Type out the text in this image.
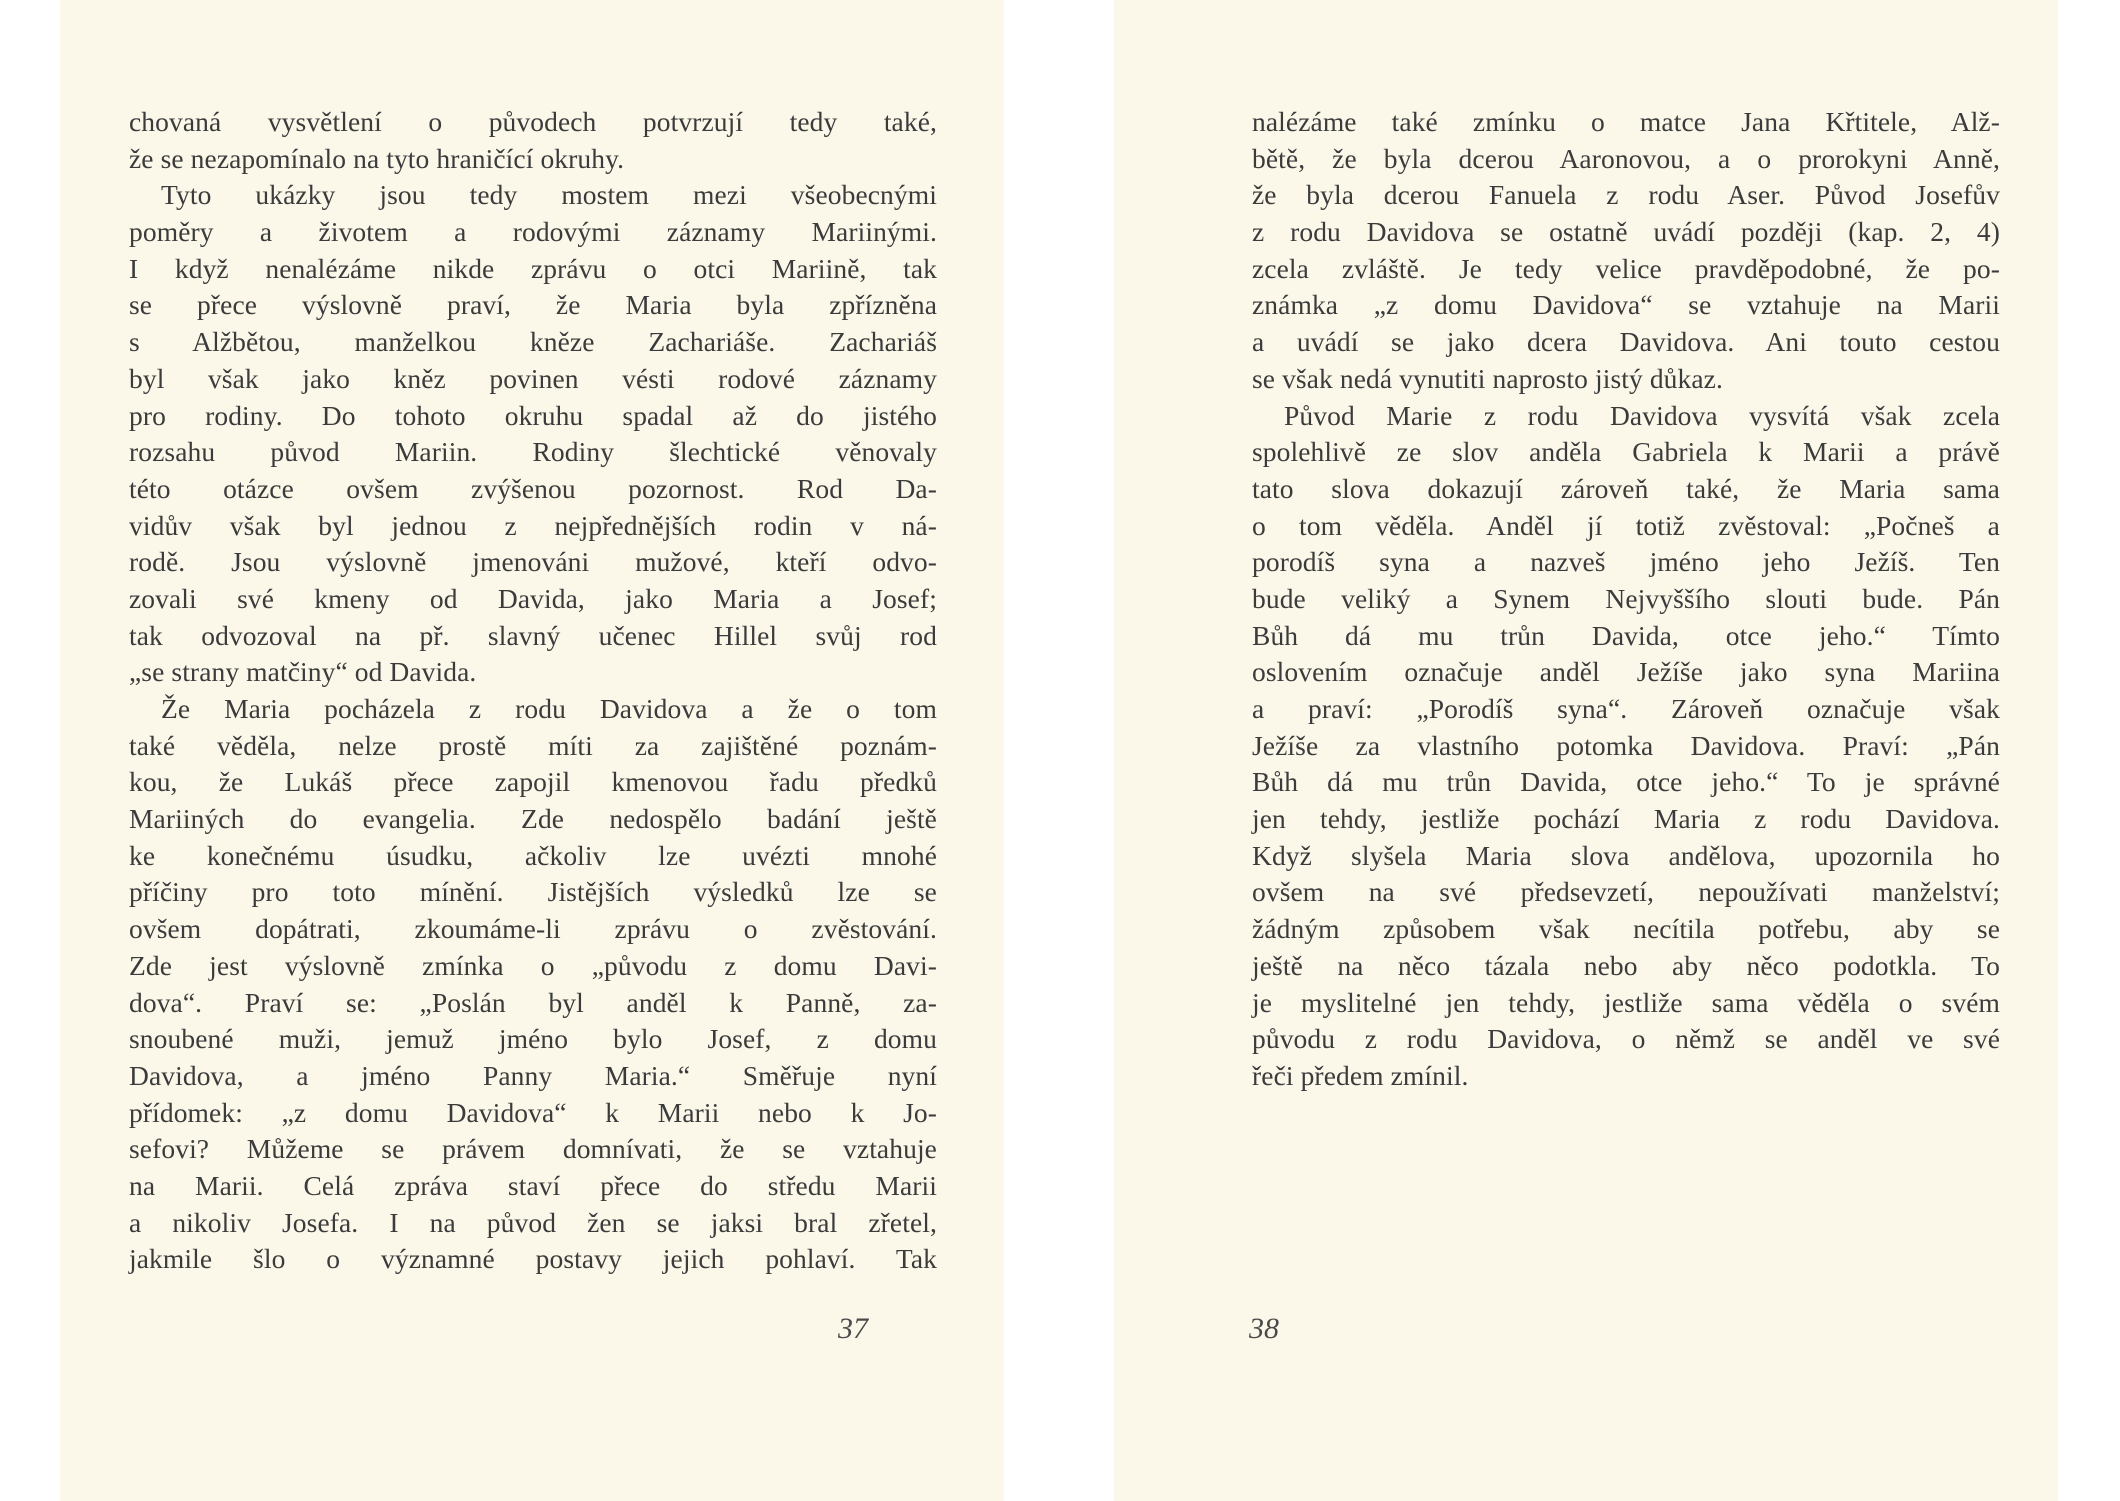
chovaná vysvětlení o původech potvrzují tedy také,
že se nezapomínalo na tyto hraničící okruhy.
Tyto ukázky jsou tedy mostem mezi všeobecnými
poměry a životem a rodovými záznamy Mariinými.
I když nenalézáme nikde zprávu o otci Mariině, tak
se přece výslovně praví, že Maria byla zpřízněna
s Alžbětou, manželkou kněze Zachariáše. Zachariáš
byl však jako kněz povinen vésti rodové záznamy
pro rodiny. Do tohoto okruhu spadal až do jistého
rozsahu původ Mariin. Rodiny šlechtické věnovaly
této otázce ovšem zvýšenou pozornost. Rod Da-
vidův však byl jednou z nejpřednějších rodin v ná-
rodě. Jsou výslovně jmenováni mužové, kteří odvo-
zovali své kmeny od Davida, jako Maria a Josef;
tak odvozoval na př. slavný učenec Hillel svůj rod
„se strany matčiny“ od Davida.
Že Maria pocházela z rodu Davidova a že o tom
také věděla, nelze prostě míti za zajištěné poznám-
kou, že Lukáš přece zapojil kmenovou řadu předků
Mariiných do evangelia. Zde nedospělo badání ještě
ke konečnému úsudku, ačkoliv lze uvézti mnohé
příčiny pro toto mínění. Jistějších výsledků lze se
ovšem dopátrati, zkoumáme-li zprávu o zvěstování.
Zde jest výslovně zmínka o „původu z domu Davi-
dova“. Praví se: „Poslán byl anděl k Panně, za-
snoubené muži, jemuž jméno bylo Josef, z domu
Davidova, a jméno Panny Maria.“ Směřuje nyní
přídomek: „z domu Davidova“ k Marii nebo k Jo-
sefovi? Můžeme se právem domnívati, že se vztahuje
na Marii. Celá zpráva staví přece do středu Marii
a nikoliv Josefa. I na původ žen se jaksi bral zřetel,
jakmile šlo o významné postavy jejich pohlaví. Tak
37
nalézáme také zmínku o matce Jana Křtitele, Alž-
bětě, že byla dcerou Aaronovou, a o prorokyni Anně,
že byla dcerou Fanuela z rodu Aser. Původ Josefův
z rodu Davidova se ostatně uvádí později (kap. 2, 4)
zcela zvláště. Je tedy velice pravděpodobné, že po-
známka „z domu Davidova“ se vztahuje na Marii
a uvádí se jako dcera Davidova. Ani touto cestou
se však nedá vynutiti naprosto jistý důkaz.
Původ Marie z rodu Davidova vysvítá však zcela
spolehlivě ze slov anděla Gabriela k Marii a právě
tato slova dokazují zároveň také, že Maria sama
o tom věděla. Anděl jí totiž zvěstoval: „Počneš a
porodíš syna a nazveš jméno jeho Ježíš. Ten
bude veliký a Synem Nejvyššího slouti bude. Pán
Bůh dá mu trůn Davida, otce jeho.“ Tímto
oslovením označuje anděl Ježíše jako syna Mariina
a praví: „Porodíš syna“. Zároveň označuje však
Ježíše za vlastního potomka Davidova. Praví: „Pán
Bůh dá mu trůn Davida, otce jeho.“ To je správné
jen tehdy, jestliže pochází Maria z rodu Davidova.
Když slyšela Maria slova andělova, upozornila ho
ovšem na své předsevzetí, nepoužívati manželství;
žádným způsobem však necítila potřebu, aby se
ještě na něco tázala nebo aby něco podotkla. To
je myslitelné jen tehdy, jestliže sama věděla o svém
původu z rodu Davidova, o němž se anděl ve své
řeči předem zmínil.
38
